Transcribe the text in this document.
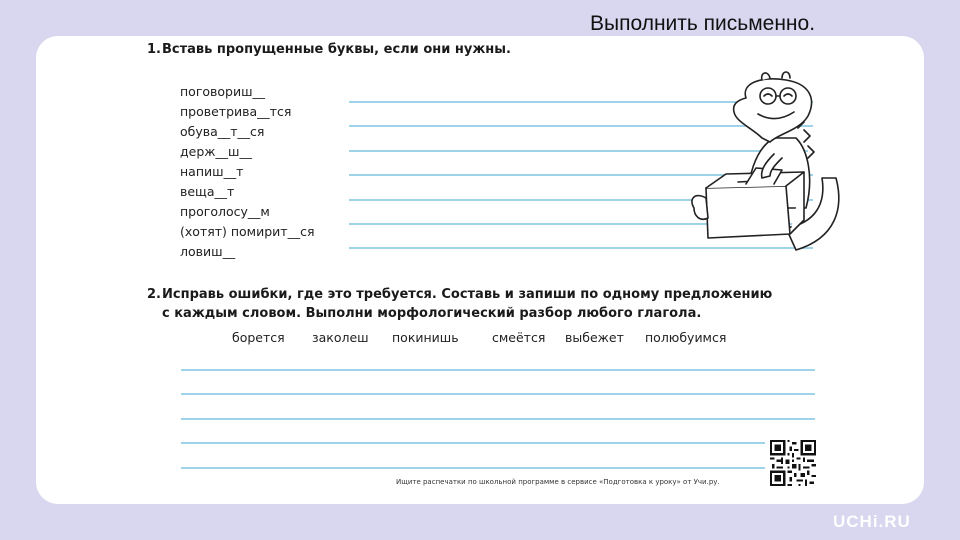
Выполнить письменно.
1. Вставь пропущенные буквы, если они нужны.
поговориш__
проветрива__тся
обува__т__ся
держ__ш__
напиш__т
веща__т
проголосу__м
(хотят) помирит__ся
ловиш__
2. Исправь ошибки, где это требуется. Составь и запиши по одному предложению
с каждым словом. Выполни морфологический разбор любого глагола.
борется заколеш покинишь	смеётся выбежет полюбуимся
Ищите распечатки по школьной программе в сервисе «Подготовка к уроку» от Учи.ру.
UCHi.RU
